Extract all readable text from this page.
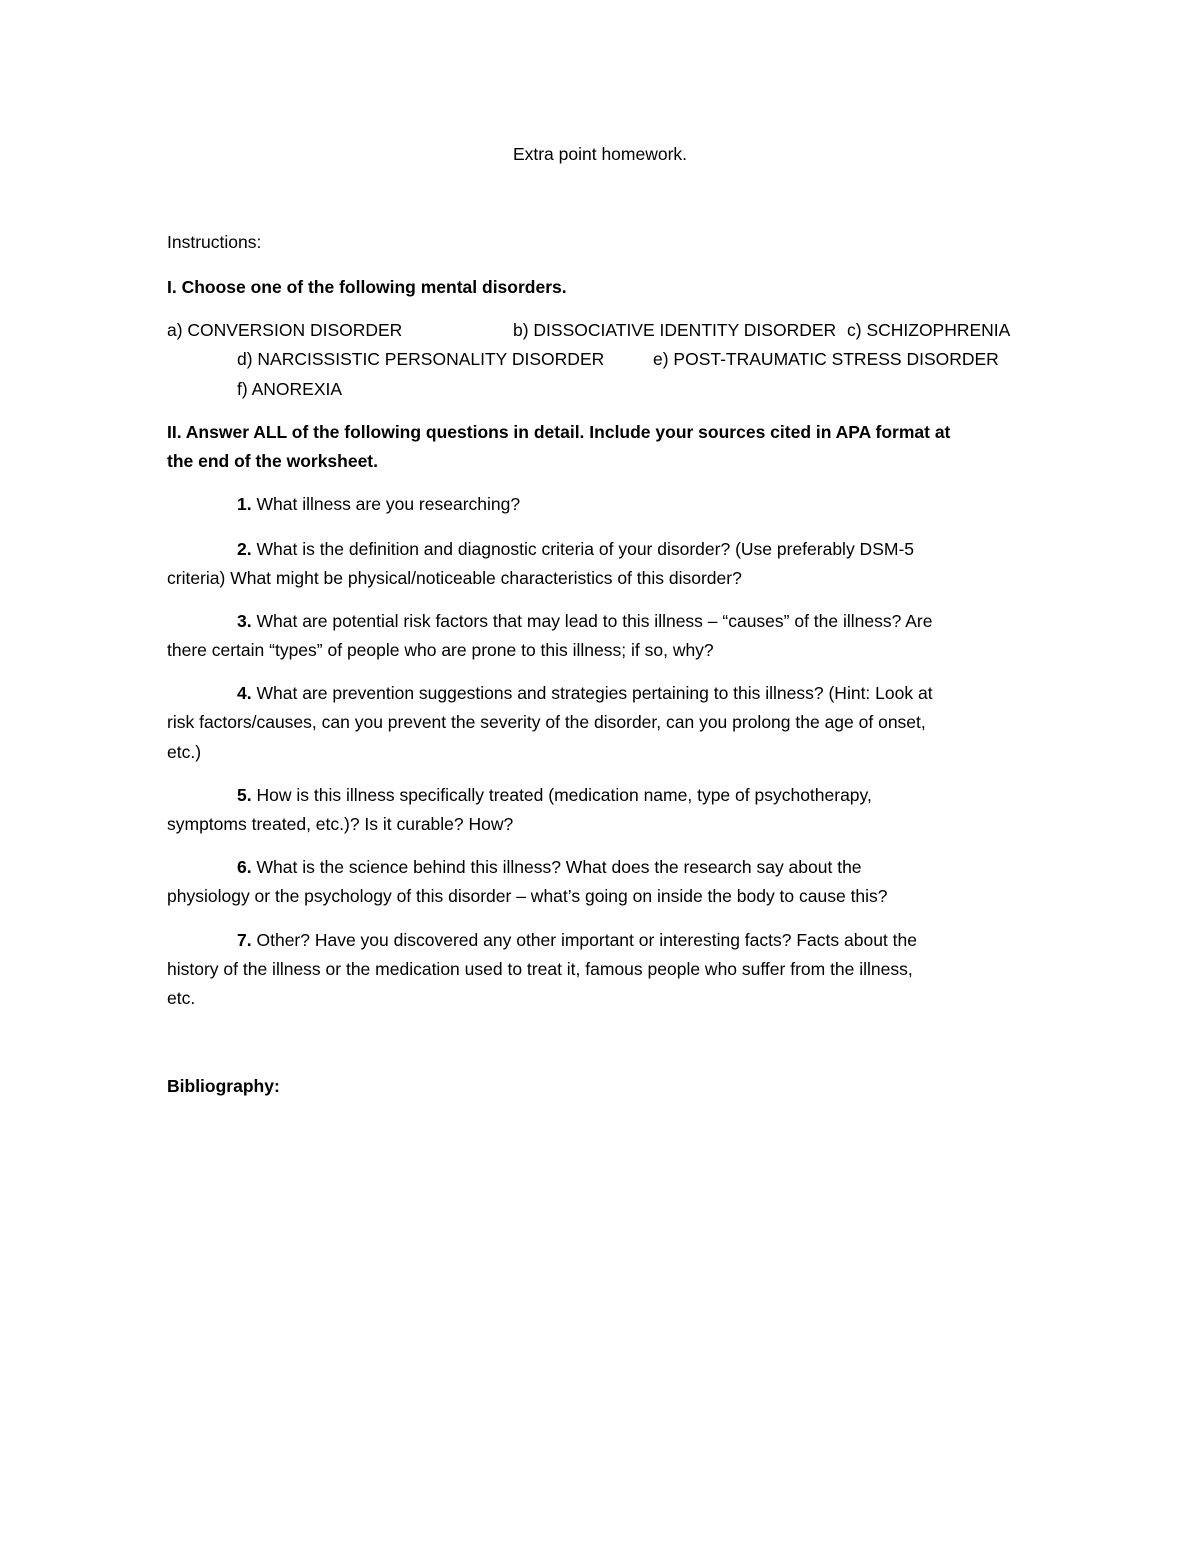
Extra point homework.
Instructions:
I. Choose one of the following mental disorders.
a) CONVERSION DISORDER	b) DISSOCIATIVE IDENTITY DISORDER c) SCHIZOPHRENIA
d) NARCISSISTIC PERSONALITY DISORDER	e) POST-TRAUMATIC STRESS DISORDER
f) ANOREXIA
II. Answer ALL of the following questions in detail. Include your sources cited in APA format at
the end of the worksheet.
1. What illness are you researching?
2. What is the definition and diagnostic criteria of your disorder? (Use preferably DSM-5
criteria) What might be physical/noticeable characteristics of this disorder?
3. What are potential risk factors that may lead to this illness – “causes” of the illness? Are
there certain “types” of people who are prone to this illness; if so, why?
4. What are prevention suggestions and strategies pertaining to this illness? (Hint: Look at
risk factors/causes, can you prevent the severity of the disorder, can you prolong the age of onset,
etc.)
5. How is this illness specifically treated (medication name, type of psychotherapy,
symptoms treated, etc.)? Is it curable? How?
6. What is the science behind this illness? What does the research say about the
physiology or the psychology of this disorder – what’s going on inside the body to cause this?
7. Other? Have you discovered any other important or interesting facts? Facts about the
history of the illness or the medication used to treat it, famous people who suffer from the illness,
etc.
Bibliography:
